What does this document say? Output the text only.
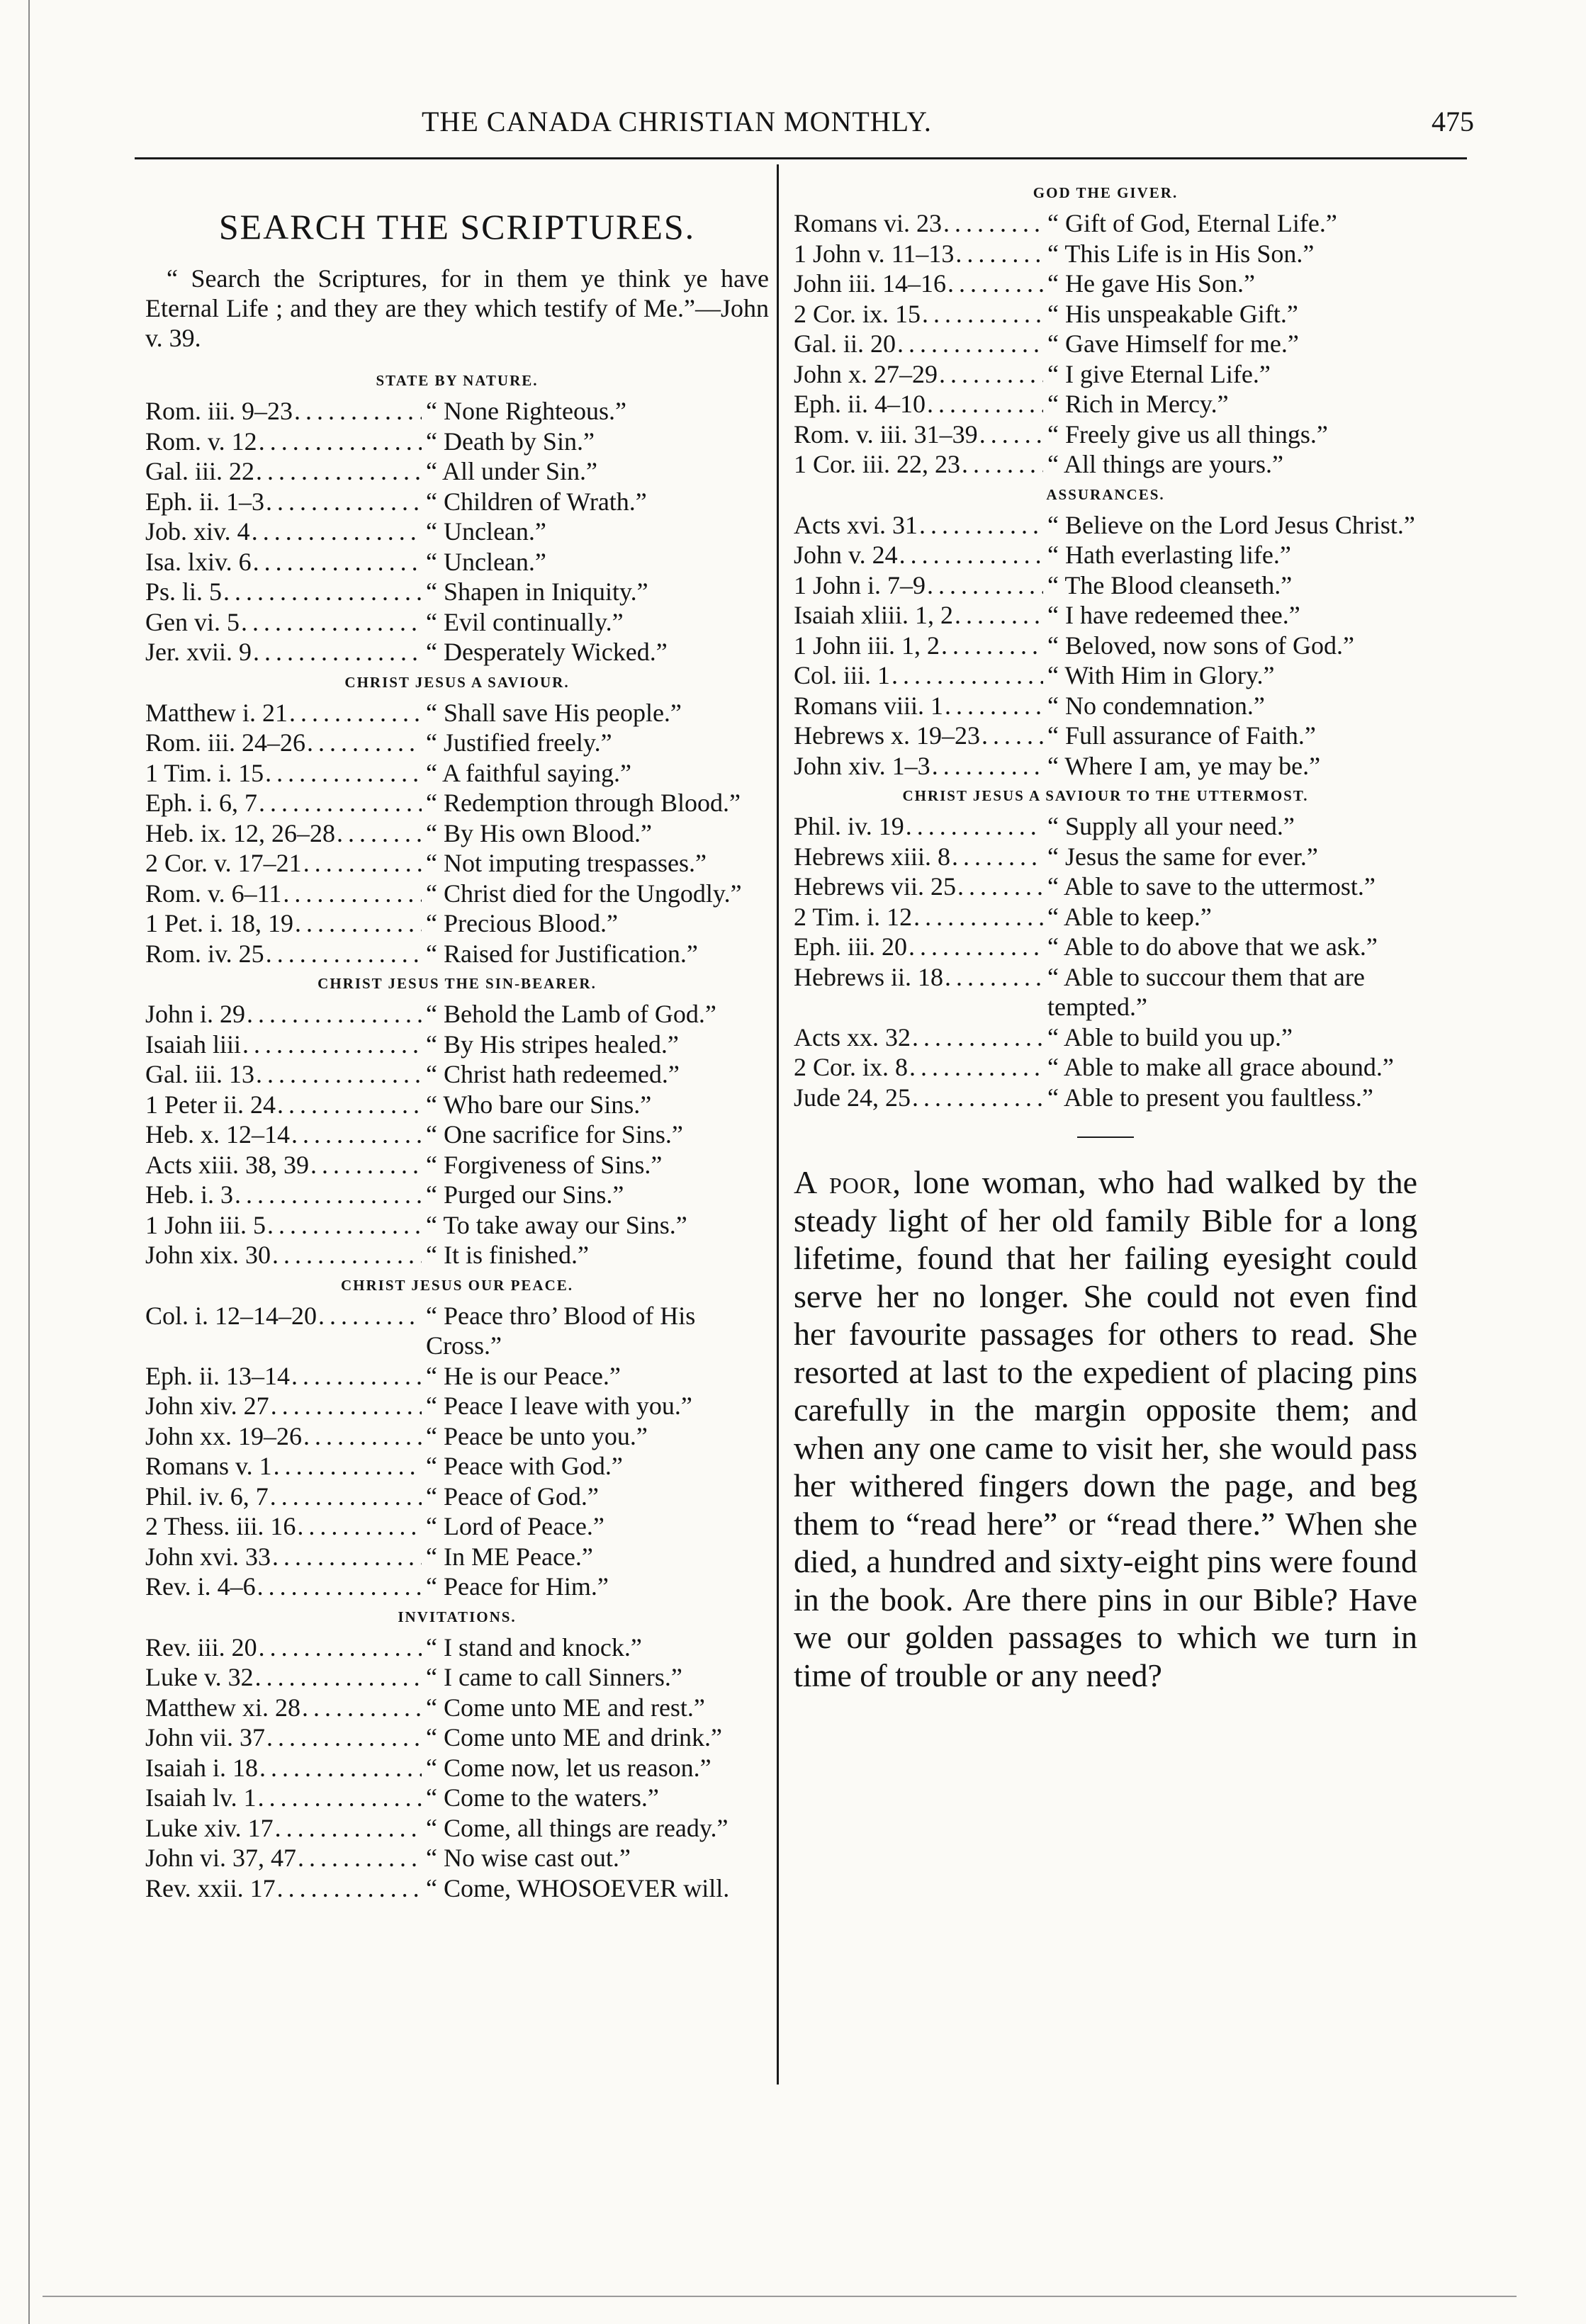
THE CANADA CHRISTIAN MONTHLY.	475
SEARCH THE SCRIPTURES.

“ Search the Scriptures, for in them ye think ye have Eternal Life ; and they are they which testify of Me.”—John v. 39.

STATE BY NATURE.
Rom. iii. 9–23 . . .	“ None Righteous.”
Rom. v. 12 . . .	“ Death by Sin.”
Gal. iii. 22 . . .	“ All under Sin.”
Eph. ii. 1–3 . . .	“ Children of Wrath.”
Job. xiv. 4 . . .	“ Unclean.”
Isa. lxiv. 6 . . .	“ Unclean.”
Ps. li. 5 . . .	“ Shapen in Iniquity.”
Gen vi. 5 . . .	“ Evil continually.”
Jer. xvii. 9 . . .	“ Desperately Wicked.”
CHRIST JESUS A SAVIOUR.
Matthew i. 21 . . .	“ Shall save His people.”
Rom. iii. 24–26 . . .	“ Justified freely.”
1 Tim. i. 15 . . .	“ A faithful saying.”
Eph. i. 6, 7 . . .	“ Redemption through Blood.”
Heb. ix. 12, 26–28 . . .	“ By His own Blood.”
2 Cor. v. 17–21 . . .	“ Not imputing trespasses.”
Rom. v. 6–11 . . .	“ Christ died for the Ungodly.”
1 Pet. i. 18, 19 . . .	“ Precious Blood.”
Rom. iv. 25 . . .	“ Raised for Justification.”
CHRIST JESUS THE SIN-BEARER.
John i. 29 . . .	“ Behold the Lamb of God.”
Isaiah liii . . .	“ By His stripes healed.”
Gal. iii. 13 . . .	“ Christ hath redeemed.”
1 Peter ii. 24 . . .	“ Who bare our Sins.”
Heb. x. 12–14 . . .	“ One sacrifice for Sins.”
Acts xiii. 38, 39 . . .	“ Forgiveness of Sins.”
Heb. i. 3 . . .	“ Purged our Sins.”
1 John iii. 5 . . .	“ To take away our Sins.”
John xix. 30 . . .	“ It is finished.”
CHRIST JESUS OUR PEACE.
Col. i. 12–14–20 . . .	“ Peace thro’ Blood of His Cross.”
Eph. ii. 13–14 . . .	“ He is our Peace.”
John xiv. 27 . . .	“ Peace I leave with you.”
John xx. 19–26 . . .	“ Peace be unto you.”
Romans v. 1 . . .	“ Peace with God.”
Phil. iv. 6, 7 . . .	“ Peace of God.”
2 Thess. iii. 16 . . .	“ Lord of Peace.”
John xvi. 33 . . .	“ In ME Peace.”
Rev. i. 4–6 . . .	“ Peace for Him.”
INVITATIONS.
Rev. iii. 20 . . .	“ I stand and knock.”
Luke v. 32 . . .	“ I came to call Sinners.”
Matthew xi. 28 . . .	“ Come unto ME and rest.”
John vii. 37 . . .	“ Come unto ME and drink.”
Isaiah i. 18 . . .	“ Come now, let us reason.”
Isaiah lv. 1 . . .	“ Come to the waters.”
Luke xiv. 17 . . .	“ Come, all things are ready.”
John vi. 37, 47 . . .	“ No wise cast out.”
Rev. xxii. 17 . . .	“ Come, WHOSOEVER will.
GOD THE GIVER.
Romans vi. 23 . . .	“ Gift of God, Eternal Life.”
1 John v. 11–13 . . .	“ This Life is in His Son.”
John iii. 14–16 . . .	“ He gave His Son.”
2 Cor. ix. 15 . . .	“ His unspeakable Gift.”
Gal. ii. 20 . . .	“ Gave Himself for me.”
John x. 27–29 . . .	“ I give Eternal Life.”
Eph. ii. 4–10 . . .	“ Rich in Mercy.”
Rom. v. iii. 31–39 . . .	“ Freely give us all things.”
1 Cor. iii. 22, 23 . . .	“ All things are yours.”
ASSURANCES.
Acts xvi. 31 . . .	“ Believe on the Lord Jesus Christ.”
John v. 24 . . .	“ Hath everlasting life.”
1 John i. 7–9 . . .	“ The Blood cleanseth.”
Isaiah xliii. 1, 2 . . .	“ I have redeemed thee.”
1 John iii. 1, 2 . . .	“ Beloved, now sons of God.”
Col. iii. 1 . . .	“ With Him in Glory.”
Romans viii. 1 . . .	“ No condemnation.”
Hebrews x. 19–23 . . .	“ Full assurance of Faith.”
John xiv. 1–3 . . .	“ Where I am, ye may be.”
CHRIST JESUS A SAVIOUR TO THE UTTERMOST.
Phil. iv. 19 . . .	“ Supply all your need.”
Hebrews xiii. 8 . . .	“ Jesus the same for ever.”
Hebrews vii. 25 . . .	“ Able to save to the uttermost.”
2 Tim. i. 12 . . .	“ Able to keep.”
Eph. iii. 20 . . .	“ Able to do above that we ask.”
Hebrews ii. 18 . . .	“ Able to succour them that are tempted.”
Acts xx. 32 . . .	“ Able to build you up.”
2 Cor. ix. 8 . . .	“ Able to make all grace abound.”
Jude 24, 25 . . .	“ Able to present you faultless.”

A poor, lone woman, who had walked by the steady light of her old family Bible for a long lifetime, found that her failing eyesight could serve her no longer. She could not even find her favourite passages for others to read. She resorted at last to the expedient of placing pins carefully in the margin opposite them; and when any one came to visit her, she would pass her withered fingers down the page, and beg them to “read here” or “read there.” When she died, a hundred and sixty-eight pins were found in the book. Are there pins in our Bible? Have we our golden passages to which we turn in time of trouble or any need?
